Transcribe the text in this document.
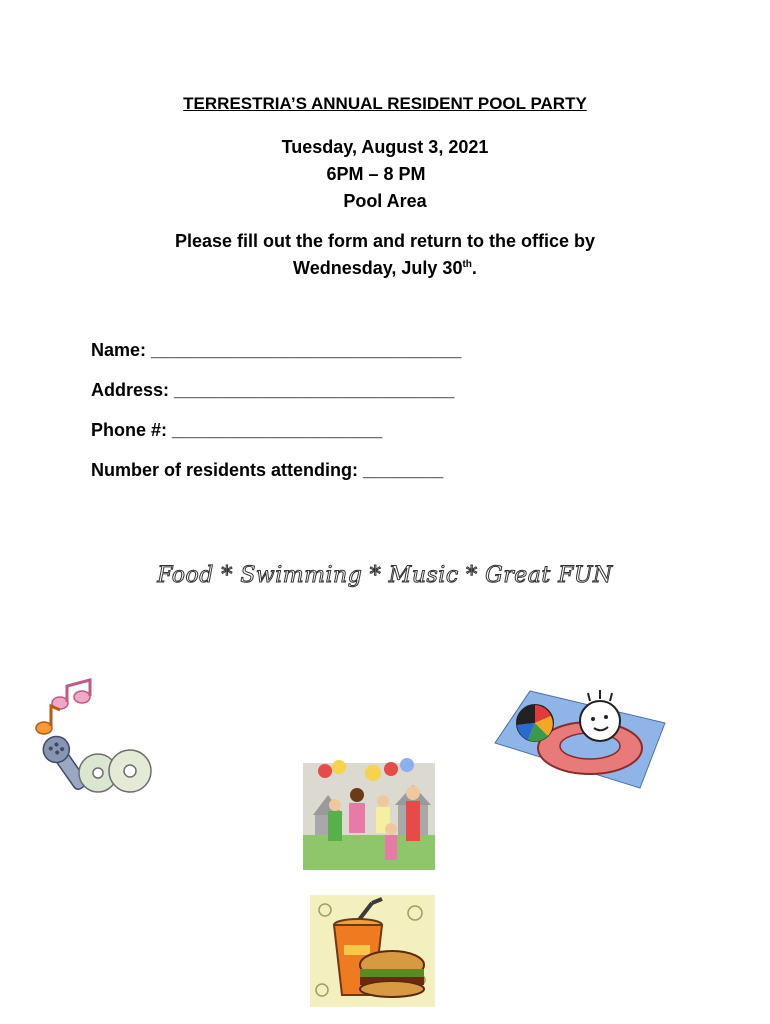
TERRESTRIA’S ANNUAL RESIDENT POOL PARTY
Tuesday, August 3, 2021
6PM – 8 PM
Pool Area
Please fill out the form and return to the office by
Wednesday, July 30th.
Name: _______________________________
Address: ____________________________
Phone #: _____________________
Number of residents attending: ________
Food * Swimming * Music * Great FUN
